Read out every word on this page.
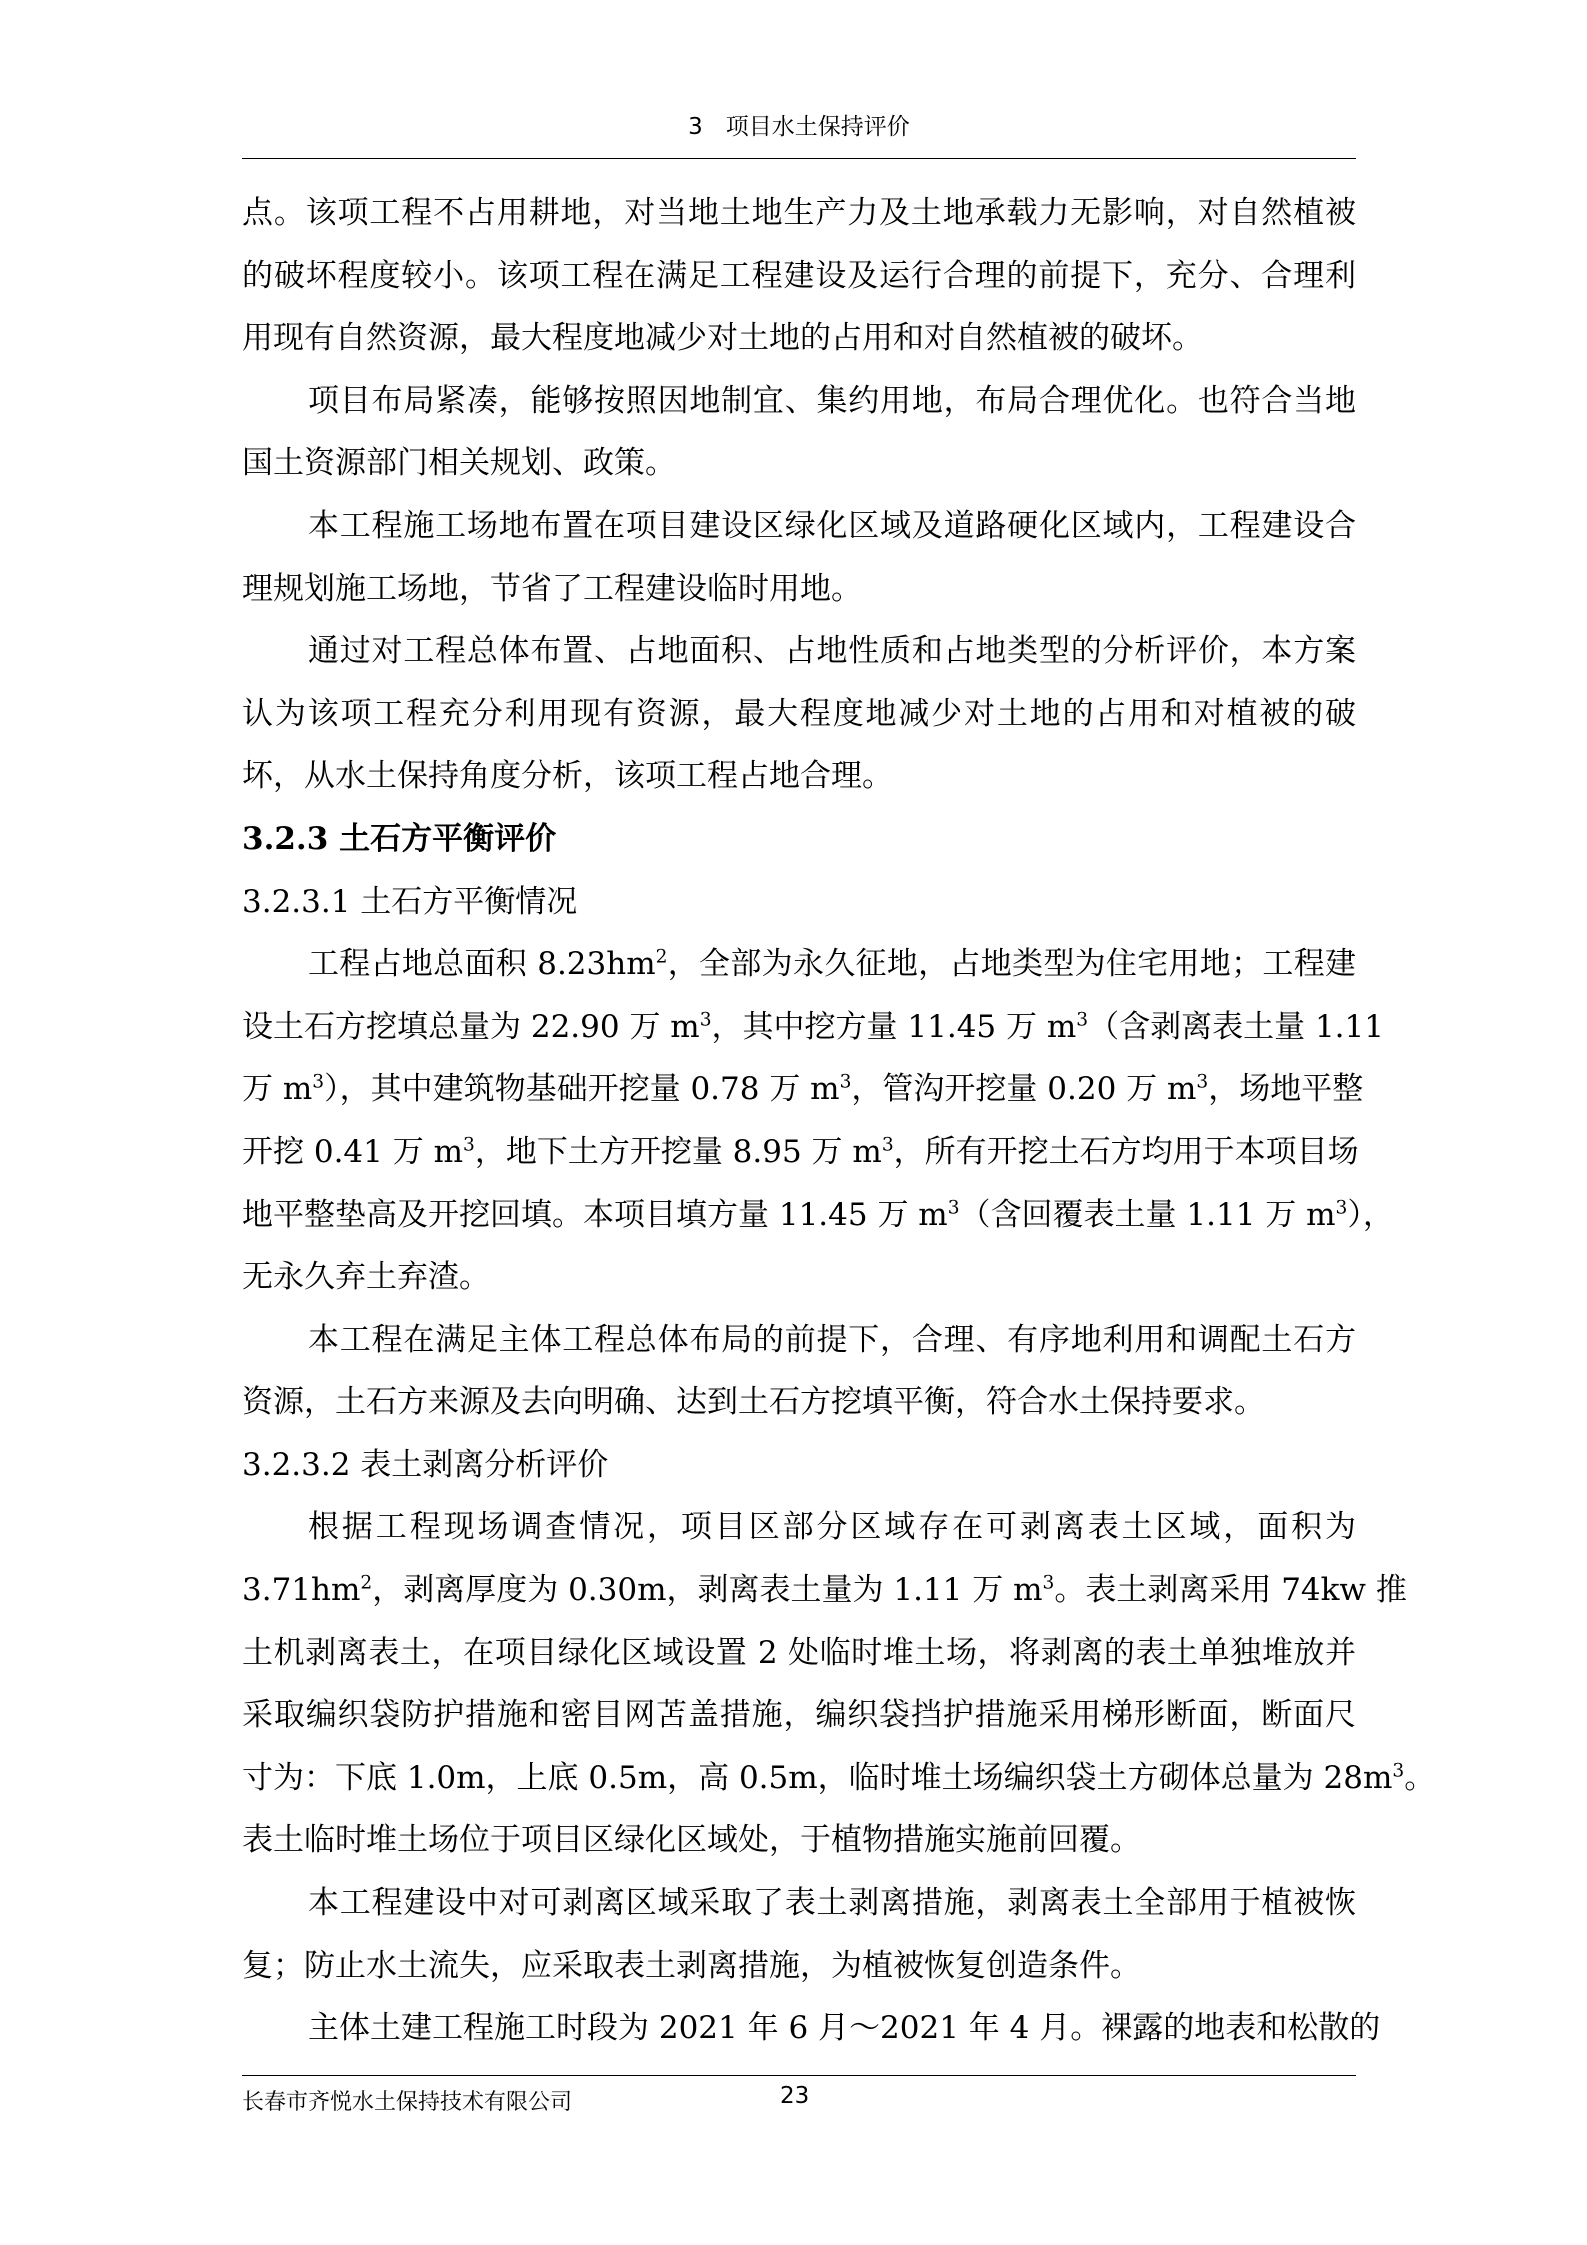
3　项目水土保持评价
点。该项工程不占用耕地，对当地土地生产力及土地承载力无影响，对自然植被
的破坏程度较小。该项工程在满足工程建设及运行合理的前提下，充分、合理利
用现有自然资源，最大程度地减少对土地的占用和对自然植被的破坏。
项目布局紧凑，能够按照因地制宜、集约用地，布局合理优化。也符合当地
国土资源部门相关规划、政策。
本工程施工场地布置在项目建设区绿化区域及道路硬化区域内，工程建设合
理规划施工场地，节省了工程建设临时用地。
通过对工程总体布置、占地面积、占地性质和占地类型的分析评价，本方案
认为该项工程充分利用现有资源，最大程度地减少对土地的占用和对植被的破
坏，从水土保持角度分析，该项工程占地合理。
3.2.3 土石方平衡评价
3.2.3.1 土石方平衡情况
工程占地总面积 $8.23hm^2$，全部为永久征地，占地类型为住宅用地；工程建
设土石方挖填总量为 22.90 万 $m^3$，其中挖方量 11.45 万 $m^3$（含剥离表土量 1.11
万 $m^3$），其中建筑物基础开挖量 0.78 万 $m^3$，管沟开挖量 0.20 万 $m^3$，场地平整
开挖 0.41 万 $m^3$，地下土方开挖量 8.95 万 $m^3$，所有开挖土石方均用于本项目场
地平整垫高及开挖回填。本项目填方量 11.45 万 $m^3$（含回覆表土量 1.11 万 $m^3$），
无永久弃土弃渣。
本工程在满足主体工程总体布局的前提下，合理、有序地利用和调配土石方
资源，土石方来源及去向明确、达到土石方挖填平衡，符合水土保持要求。
3.2.3.2 表土剥离分析评价
根据工程现场调查情况，项目区部分区域存在可剥离表土区域，面积为
$3.71hm^2$，剥离厚度为 0.30m，剥离表土量为 1.11 万 $m^3$。表土剥离采用 74kw 推
土机剥离表土，在项目绿化区域设置 2 处临时堆土场，将剥离的表土单独堆放并
采取编织袋防护措施和密目网苫盖措施，编织袋挡护措施采用梯形断面，断面尺
寸为：下底 1.0m，上底 0.5m，高 0.5m，临时堆土场编织袋土方砌体总量为 $28m^3$。
表土临时堆土场位于项目区绿化区域处，于植物措施实施前回覆。
本工程建设中对可剥离区域采取了表土剥离措施，剥离表土全部用于植被恢
复；防止水土流失，应采取表土剥离措施，为植被恢复创造条件。
主体土建工程施工时段为 2021 年 6 月～2021 年 4 月。裸露的地表和松散的
长春市齐悦水土保持技术有限公司	23
